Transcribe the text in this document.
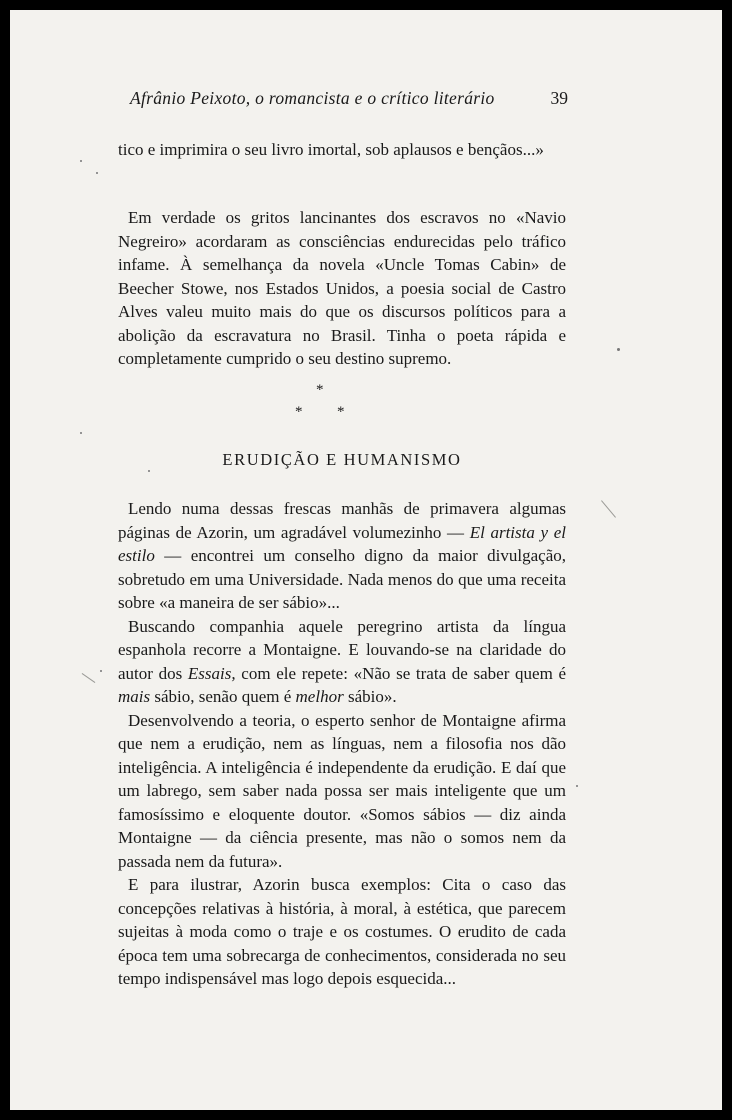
Afrânio Peixoto, o romancista e o crítico literário	39

tico e imprimira o seu livro imortal, sob aplausos e bençãos...»

Em verdade os gritos lancinantes dos escravos no «Navio Negreiro» acordaram as consciências endurecidas pelo tráfico infame. À semelhança da novela «Uncle Tomas Cabin» de Beecher Stowe, nos Estados Unidos, a poesia social de Castro Alves valeu muito mais do que os discursos políticos para a abolição da escravatura no Brasil. Tinha o poeta rápida e completamente cumprido o seu destino supremo.

*
* *
ERUDIÇÃO E HUMANISMO

Lendo numa dessas frescas manhãs de primavera algumas páginas de Azorin, um agradável volumezinho — El artista y el estilo — encontrei um conselho digno da maior divulgação, sobretudo em uma Universidade. Nada menos do que uma receita sobre «a maneira de ser sábio»...

Buscando companhia aquele peregrino artista da língua espanhola recorre a Montaigne. E louvando-se na claridade do autor dos Essais, com ele repete: «Não se trata de saber quem é mais sábio, senão quem é melhor sábio».

Desenvolvendo a teoria, o esperto senhor de Montaigne afirma que nem a erudição, nem as línguas, nem a filosofia nos dão inteligência. A inteligência é independente da erudição. E daí que um labrego, sem saber nada possa ser mais inteligente que um famosíssimo e eloquente doutor. «Somos sábios — diz ainda Montaigne — da ciência presente, mas não o somos nem da passada nem da futura».

E para ilustrar, Azorin busca exemplos: Cita o caso das concepções relativas à história, à moral, à estética, que parecem sujeitas à moda como o traje e os costumes. O erudito de cada época tem uma sobrecarga de conhecimentos, considerada no seu tempo indispensável mas logo depois esquecida...
